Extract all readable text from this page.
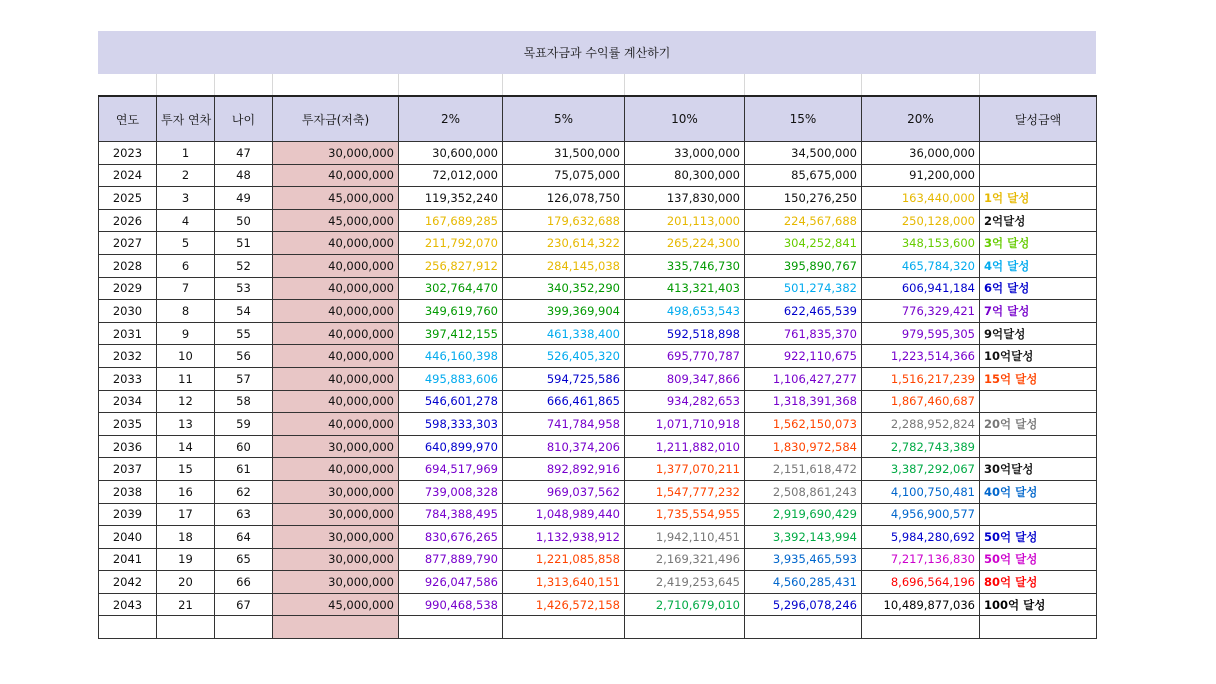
목표자금과 수익률 계산하기

연도	투자 연차	나이	투자금(저축)	2%	5%	10%	15%	20%	달성금액
2023	1	47	30,000,000	30,600,000	31,500,000	33,000,000	34,500,000	36,000,000	
2024	2	48	40,000,000	72,012,000	75,075,000	80,300,000	85,675,000	91,200,000	
2025	3	49	45,000,000	119,352,240	126,078,750	137,830,000	150,276,250	163,440,000	1억 달성
2026	4	50	45,000,000	167,689,285	179,632,688	201,113,000	224,567,688	250,128,000	2억달성
2027	5	51	40,000,000	211,792,070	230,614,322	265,224,300	304,252,841	348,153,600	3억 달성
2028	6	52	40,000,000	256,827,912	284,145,038	335,746,730	395,890,767	465,784,320	4억 달성
2029	7	53	40,000,000	302,764,470	340,352,290	413,321,403	501,274,382	606,941,184	6억 달성
2030	8	54	40,000,000	349,619,760	399,369,904	498,653,543	622,465,539	776,329,421	7억 달성
2031	9	55	40,000,000	397,412,155	461,338,400	592,518,898	761,835,370	979,595,305	9억달성
2032	10	56	40,000,000	446,160,398	526,405,320	695,770,787	922,110,675	1,223,514,366	10억달성
2033	11	57	40,000,000	495,883,606	594,725,586	809,347,866	1,106,427,277	1,516,217,239	15억 달성
2034	12	58	40,000,000	546,601,278	666,461,865	934,282,653	1,318,391,368	1,867,460,687	
2035	13	59	40,000,000	598,333,303	741,784,958	1,071,710,918	1,562,150,073	2,288,952,824	20억 달성
2036	14	60	30,000,000	640,899,970	810,374,206	1,211,882,010	1,830,972,584	2,782,743,389	
2037	15	61	40,000,000	694,517,969	892,892,916	1,377,070,211	2,151,618,472	3,387,292,067	30억달성
2038	16	62	30,000,000	739,008,328	969,037,562	1,547,777,232	2,508,861,243	4,100,750,481	40억 달성
2039	17	63	30,000,000	784,388,495	1,048,989,440	1,735,554,955	2,919,690,429	4,956,900,577	
2040	18	64	30,000,000	830,676,265	1,132,938,912	1,942,110,451	3,392,143,994	5,984,280,692	50억 달성
2041	19	65	30,000,000	877,889,790	1,221,085,858	2,169,321,496	3,935,465,593	7,217,136,830	50억 달성
2042	20	66	30,000,000	926,047,586	1,313,640,151	2,419,253,645	4,560,285,431	8,696,564,196	80억 달성
2043	21	67	45,000,000	990,468,538	1,426,572,158	2,710,679,010	5,296,078,246	10,489,877,036	100억 달성
